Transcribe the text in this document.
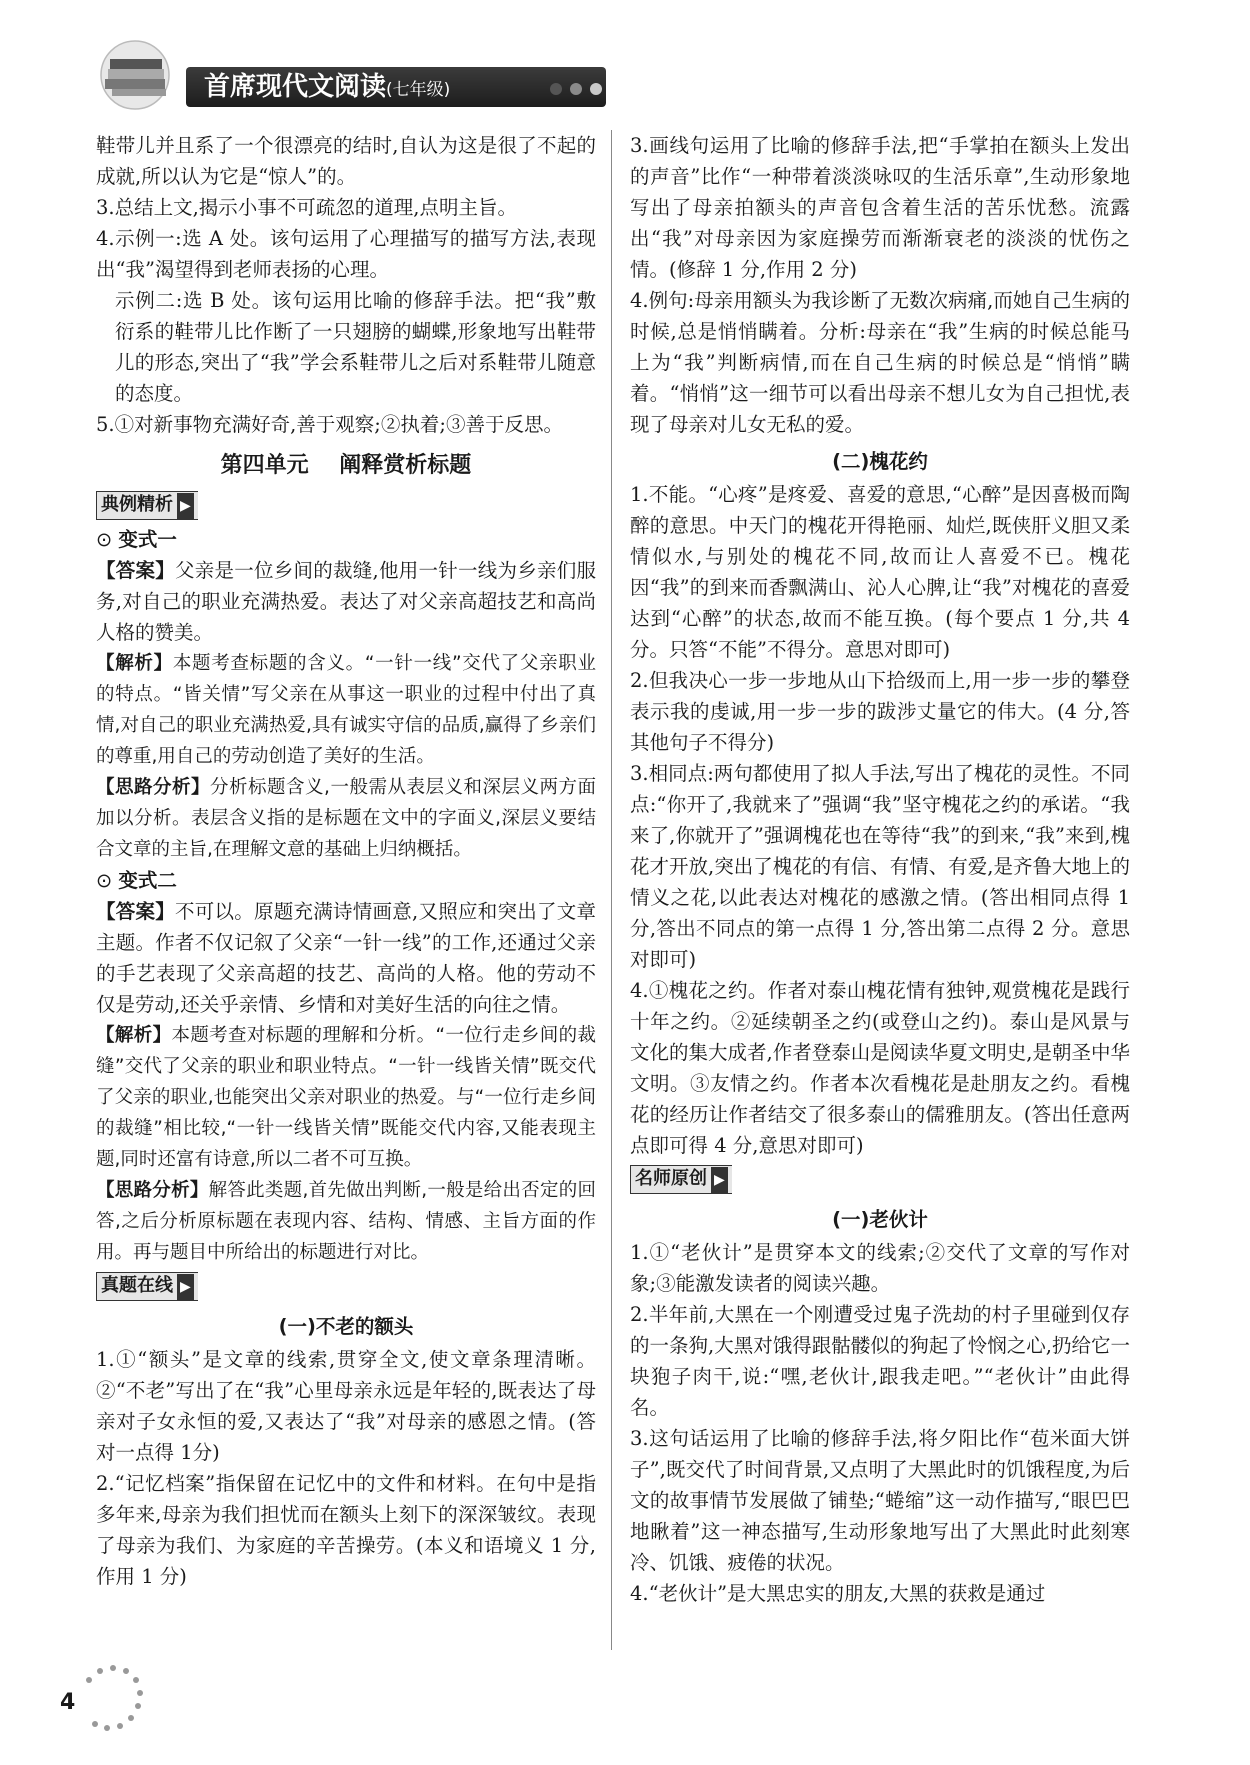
首席现代文阅读(七年级)

鞋带儿并且系了一个很漂亮的结时,自认为这是很了不起的成就,所以认为它是“惊人”的。

3.总结上文,揭示小事不可疏忽的道理,点明主旨。

4.示例一:选 A 处。该句运用了心理描写的描写方法,表现出“我”渴望得到老师表扬的心理。

示例二:选 B 处。该句运用比喻的修辞手法。把“我”敷衍系的鞋带儿比作断了一只翅膀的蝴蝶,形象地写出鞋带儿的形态,突出了“我”学会系鞋带儿之后对系鞋带儿随意的态度。

5.①对新事物充满好奇,善于观察;②执着;③善于反思。

第四单元    阐释赏析标题
典例精析 ▶
⊙ 变式一

【答案】父亲是一位乡间的裁缝,他用一针一线为乡亲们服务,对自己的职业充满热爱。表达了对父亲高超技艺和高尚人格的赞美。

【解析】本题考查标题的含义。“一针一线”交代了父亲职业的特点。“皆关情”写父亲在从事这一职业的过程中付出了真情,对自己的职业充满热爱,具有诚实守信的品质,赢得了乡亲们的尊重,用自己的劳动创造了美好的生活。

【思路分析】分析标题含义,一般需从表层义和深层义两方面加以分析。表层含义指的是标题在文中的字面义,深层义要结合文章的主旨,在理解文意的基础上归纳概括。

⊙ 变式二

【答案】不可以。原题充满诗情画意,又照应和突出了文章主题。作者不仅记叙了父亲“一针一线”的工作,还通过父亲的手艺表现了父亲高超的技艺、高尚的人格。他的劳动不仅是劳动,还关乎亲情、乡情和对美好生活的向往之情。

【解析】本题考查对标题的理解和分析。“一位行走乡间的裁缝”交代了父亲的职业和职业特点。“一针一线皆关情”既交代了父亲的职业,也能突出父亲对职业的热爱。与“一位行走乡间的裁缝”相比较,“一针一线皆关情”既能交代内容,又能表现主题,同时还富有诗意,所以二者不可互换。

【思路分析】解答此类题,首先做出判断,一般是给出否定的回答,之后分析原标题在表现内容、结构、情感、主旨方面的作用。再与题目中所给出的标题进行对比。

真题在线 ▶
(一)不老的额头

1.①“额头”是文章的线索,贯穿全文,使文章条理清晰。②“不老”写出了在“我”心里母亲永远是年轻的,既表达了母亲对子女永恒的爱,又表达了“我”对母亲的感恩之情。(答对一点得 1分)

2.“记忆档案”指保留在记忆中的文件和材料。在句中是指多年来,母亲为我们担忧而在额头上刻下的深深皱纹。表现了母亲为我们、为家庭的辛苦操劳。(本义和语境义 1 分,作用 1 分)

3.画线句运用了比喻的修辞手法,把“手掌拍在额头上发出的声音”比作“一种带着淡淡咏叹的生活乐章”,生动形象地写出了母亲拍额头的声音包含着生活的苦乐忧愁。流露出“我”对母亲因为家庭操劳而渐渐衰老的淡淡的忧伤之情。(修辞 1 分,作用 2 分)

4.例句:母亲用额头为我诊断了无数次病痛,而她自己生病的时候,总是悄悄瞒着。分析:母亲在“我”生病的时候总能马上为“我”判断病情,而在自己生病的时候总是“悄悄”瞒着。“悄悄”这一细节可以看出母亲不想儿女为自己担忧,表现了母亲对儿女无私的爱。

(二)槐花约

1.不能。“心疼”是疼爱、喜爱的意思,“心醉”是因喜极而陶醉的意思。中天门的槐花开得艳丽、灿烂,既侠肝义胆又柔情似水,与别处的槐花不同,故而让人喜爱不已。槐花因“我”的到来而香飘满山、沁人心脾,让“我”对槐花的喜爱达到“心醉”的状态,故而不能互换。(每个要点 1 分,共 4 分。只答“不能”不得分。意思对即可)

2.但我决心一步一步地从山下拾级而上,用一步一步的攀登表示我的虔诚,用一步一步的跋涉丈量它的伟大。(4 分,答其他句子不得分)

3.相同点:两句都使用了拟人手法,写出了槐花的灵性。不同点:“你开了,我就来了”强调“我”坚守槐花之约的承诺。“我来了,你就开了”强调槐花也在等待“我”的到来,“我”来到,槐花才开放,突出了槐花的有信、有情、有爱,是齐鲁大地上的情义之花,以此表达对槐花的感激之情。(答出相同点得 1 分,答出不同点的第一点得 1 分,答出第二点得 2 分。意思对即可)

4.①槐花之约。作者对泰山槐花情有独钟,观赏槐花是践行十年之约。②延续朝圣之约(或登山之约)。泰山是风景与文化的集大成者,作者登泰山是阅读华夏文明史,是朝圣中华文明。③友情之约。作者本次看槐花是赴朋友之约。看槐花的经历让作者结交了很多泰山的儒雅朋友。(答出任意两点即可得 4 分,意思对即可)

名师原创 ▶
(一)老伙计

1.①“老伙计”是贯穿本文的线索;②交代了文章的写作对象;③能激发读者的阅读兴趣。

2.半年前,大黑在一个刚遭受过鬼子洗劫的村子里碰到仅存的一条狗,大黑对饿得跟骷髅似的狗起了怜悯之心,扔给它一块狍子肉干,说:“嘿,老伙计,跟我走吧。”“老伙计”由此得名。

3.这句话运用了比喻的修辞手法,将夕阳比作“苞米面大饼子”,既交代了时间背景,又点明了大黑此时的饥饿程度,为后文的故事情节发展做了铺垫;“蜷缩”这一动作描写,“眼巴巴地瞅着”这一神态描写,生动形象地写出了大黑此时此刻寒冷、饥饿、疲倦的状况。

4.“老伙计”是大黑忠实的朋友,大黑的获救是通过

4
